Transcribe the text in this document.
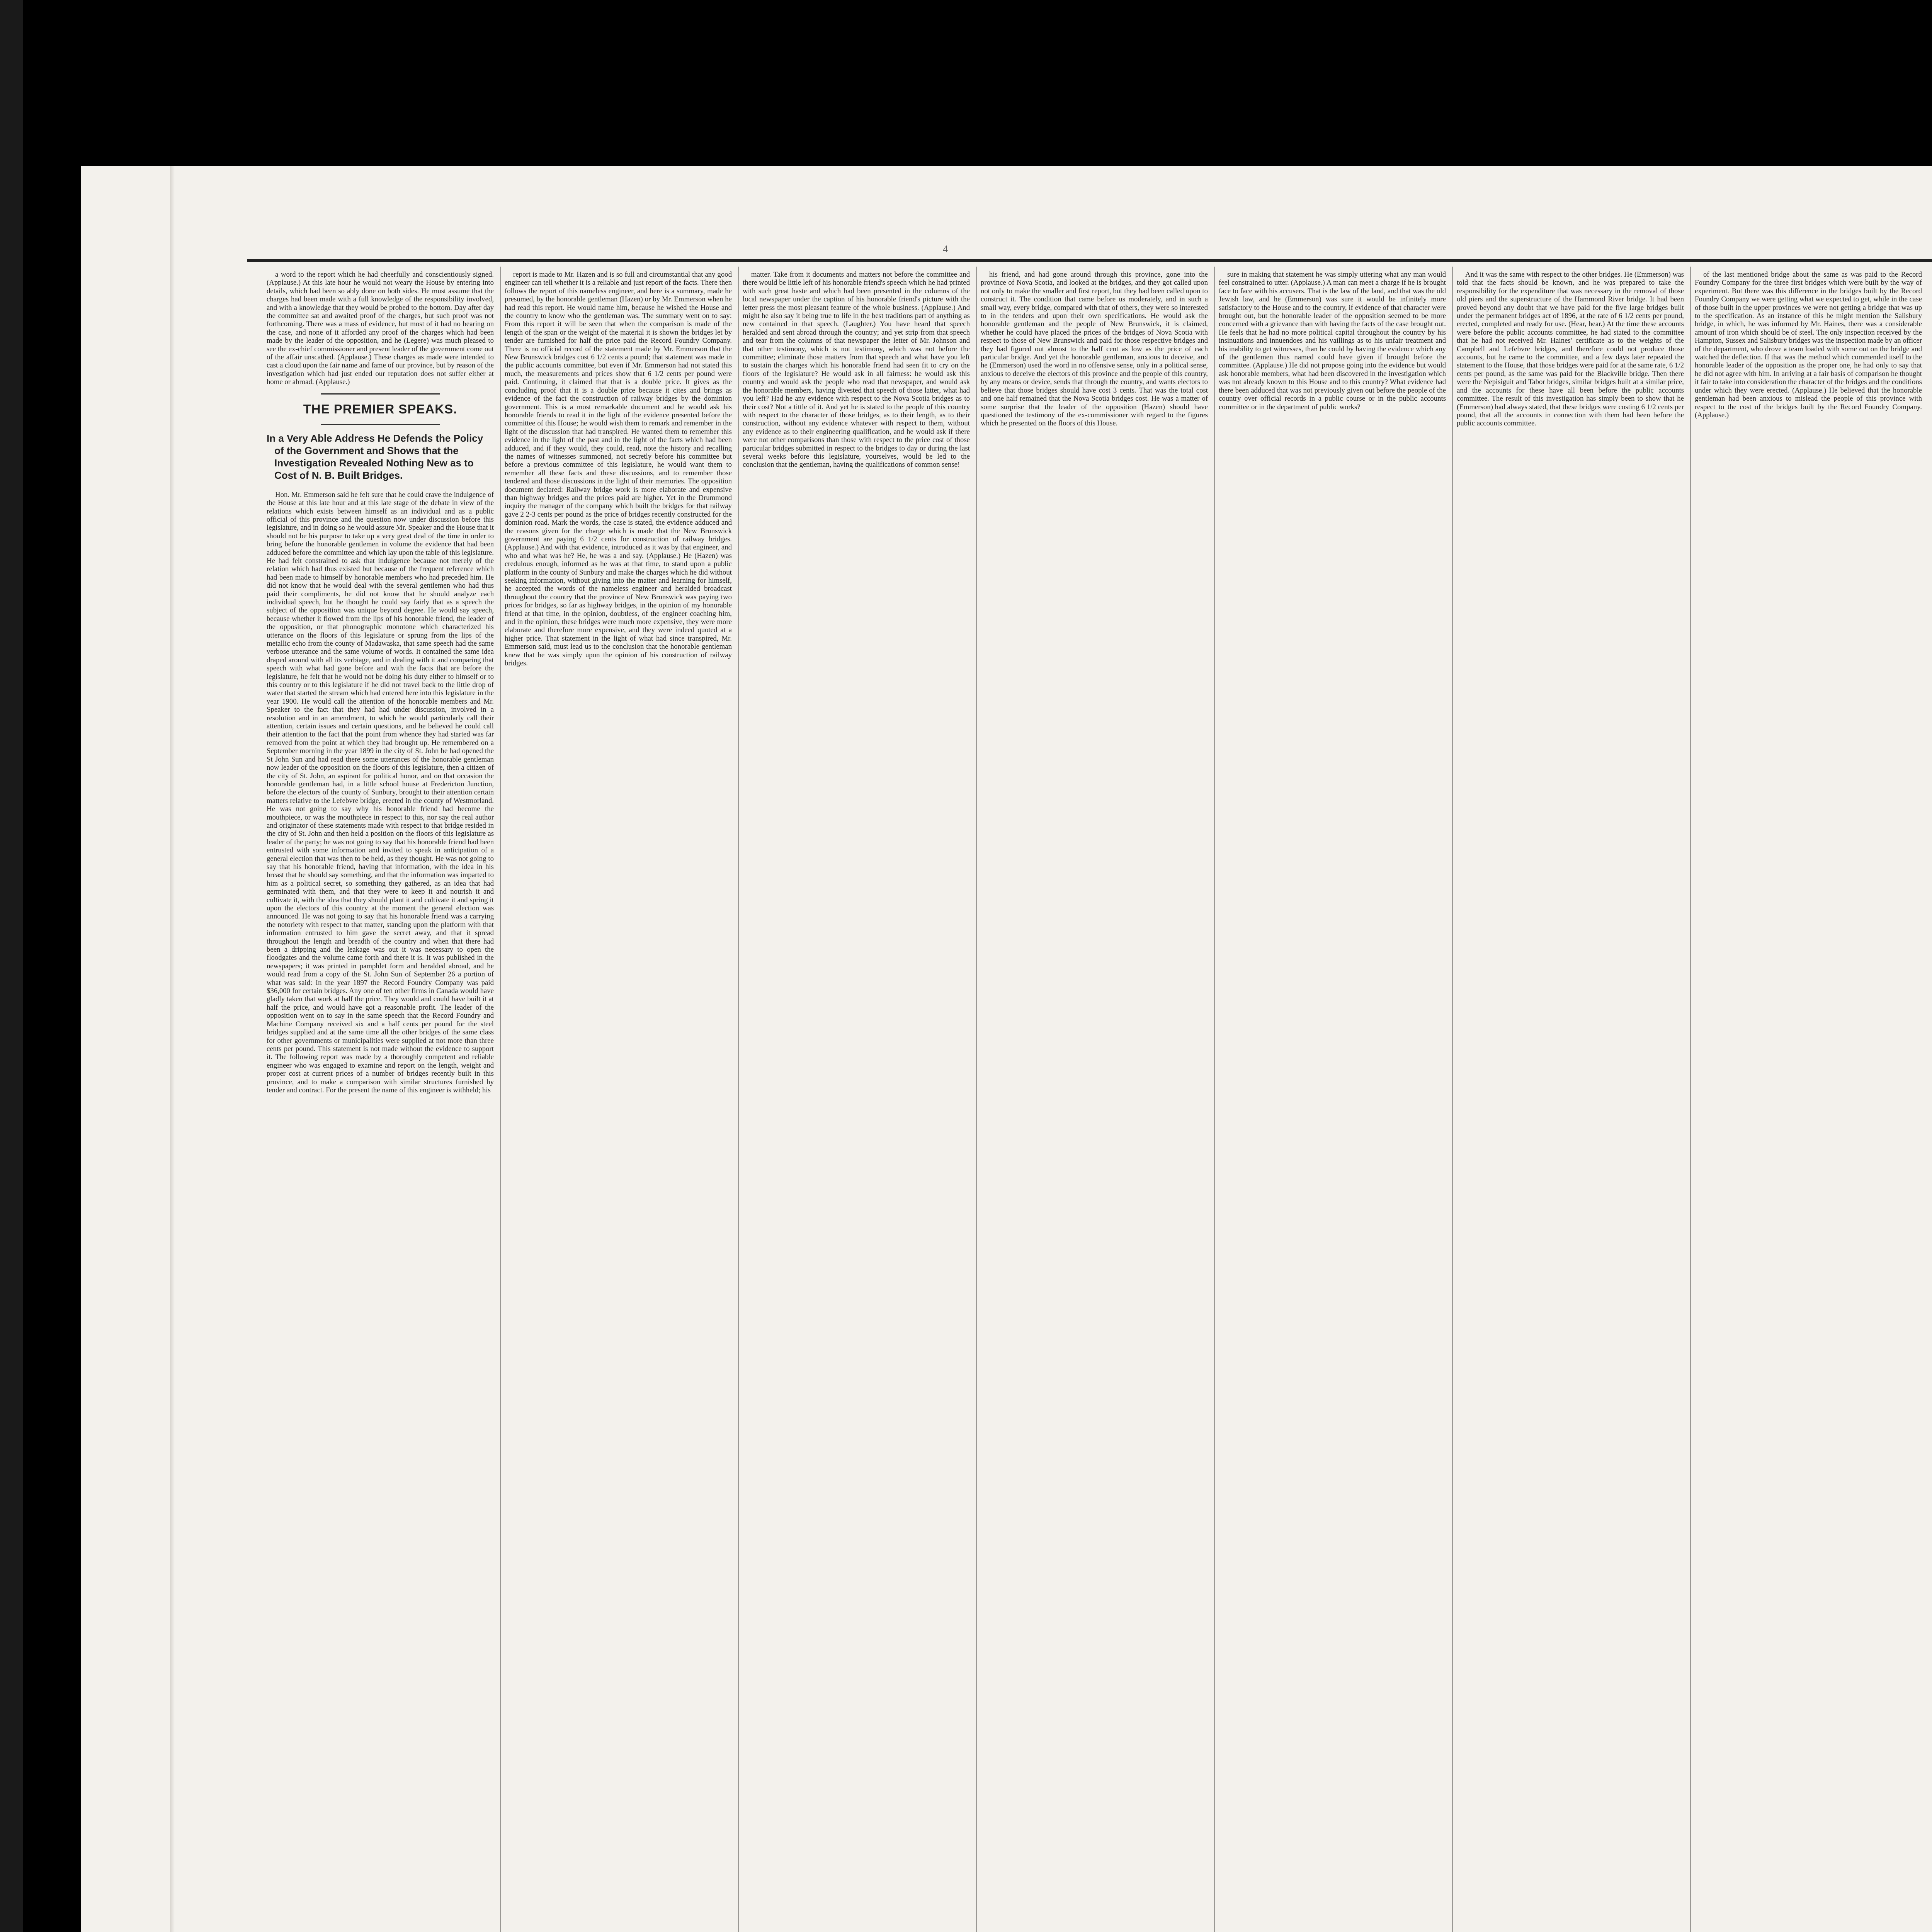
4

a word to the report which he had cheerfully and conscientiously signed. (Applause.) At this late hour he would not weary the House by entering into details, which had been so ably done on both sides. He must assume that the charges had been made with a full knowledge of the responsibility involved, and with a knowledge that they would be probed to the bottom. Day after day the committee sat and awaited proof of the charges, but such proof was not forthcoming. There was a mass of evidence, but most of it had no bearing on the case, and none of it afforded any proof of the charges which had been made by the leader of the opposition, and he (Legere) was much pleased to see the ex-chief commissioner and present leader of the government come out of the affair unscathed. (Applause.) These charges as made were intended to cast a cloud upon the fair name and fame of our province, but by reason of the investigation which had just ended our reputation does not suffer either at home or abroad. (Applause.)

THE PREMIER SPEAKS.
In a Very Able Address He Defends the Policy of the Government and Shows that the Investigation Revealed Nothing New as to Cost of N. B. Built Bridges.

Hon. Mr. Emmerson said he felt sure that he could crave the indulgence of the House at this late hour and at this late stage of the debate in view of the relations which exists between himself as an individual and as a public official of this province and the question now under discussion before this legislature, and in doing so he would assure Mr. Speaker and the House that it should not be his purpose to take up a very great deal of the time in order to bring before the honorable gentlemen in volume the evidence that had been adduced before the committee and which lay upon the table of this legislature. He had felt constrained to ask that indulgence because not merely of the relation which had thus existed but because of the frequent reference which had been made to himself by honorable members who had preceded him. He did not know that he would deal with the several gentlemen who had thus paid their compliments, he did not know that he should analyze each individual speech, but he thought he could say fairly that as a speech the subject of the opposition was unique beyond degree. He would say speech, because whether it flowed from the lips of his honorable friend, the leader of the opposition, or that phonographic monotone which characterized his utterance on the floors of this legislature or sprung from the lips of the metallic echo from the county of Madawaska, that same speech had the same verbose utterance and the same volume of words. It contained the same idea draped around with all its verbiage, and in dealing with it and comparing that speech with what had gone before and with the facts that are before the legislature, he felt that he would not be doing his duty either to himself or to this country or to this legislature if he did not travel back to the little drop of water that started the stream which had entered here into this legislature in the year 1900. He would call the attention of the honorable members and Mr. Speaker to the fact that they had had under discussion, involved in a resolution and in an amendment, to which he would particularly call their attention, certain issues and certain questions, and he believed he could call their attention to the fact that the point from whence they had started was far removed from the point at which they had brought up. He remembered on a September morning in the year 1899 in the city of St. John he had opened the St John Sun and had read there some utterances of the honorable gentleman now leader of the opposition on the floors of this legislature, then a citizen of the city of St. John, an aspirant for political honor, and on that occasion the honorable gentleman had, in a little school house at Fredericton Junction, before the electors of the county of Sunbury, brought to their attention certain matters relative to the Lefebvre bridge, erected in the county of Westmorland. He was not going to say why his honorable friend had become the mouthpiece, or was the mouthpiece in respect to this, nor say the real author and originator of these statements made with respect to that bridge resided in the city of St. John and then held a position on the floors of this legislature as leader of the party; he was not going to say that his honorable friend had been entrusted with some information and invited to speak in anticipation of a general election that was then to be held, as they thought. He was not going to say that his honorable friend, having that information, with the idea in his breast that he should say something, and that the information was imparted to him as a political secret, so something they gathered, as an idea that had germinated with them, and that they were to keep it and nourish it and cultivate it, with the idea that they should plant it and cultivate it and spring it upon the electors of this country at the moment the general election was announced. He was not going to say that his honorable friend was a carrying the notoriety with respect to that matter, standing upon the platform with that information entrusted to him gave the secret away, and that it spread throughout the length and breadth of the country and when that there had been a dripping and the leakage was out it was necessary to open the floodgates and the volume came forth and there it is. It was published in the newspapers; it was printed in pamphlet form and heralded abroad, and he would read from a copy of the St. John Sun of September 26 a portion of what was said: In the year 1897 the Record Foundry Company was paid $36,000 for certain bridges. Any one of ten other firms in Canada would have gladly taken that work at half the price. They would and could have built it at half the price, and would have got a reasonable profit. The leader of the opposition went on to say in the same speech that the Record Foundry and Machine Company received six and a half cents per pound for the steel bridges supplied and at the same time all the other bridges of the same class for other governments or municipalities were supplied at not more than three cents per pound. This statement is not made without the evidence to support it. The following report was made by a thoroughly competent and reliable engineer who was engaged to examine and report on the length, weight and proper cost at current prices of a number of bridges recently built in this province, and to make a comparison with similar structures furnished by tender and contract. For the present the name of this engineer is withheld; his

report is made to Mr. Hazen and is so full and circumstantial that any good engineer can tell whether it is a reliable and just report of the facts. There then follows the report of this nameless engineer, and here is a summary, made he presumed, by the honorable gentleman (Hazen) or by Mr. Emmerson when he had read this report. He would name him, because he wished the House and the country to know who the gentleman was. The summary went on to say: From this report it will be seen that when the comparison is made of the length of the span or the weight of the material it is shown the bridges let by tender are furnished for half the price paid the Record Foundry Company. There is no official record of the statement made by Mr. Emmerson that the New Brunswick bridges cost 6 1/2 cents a pound; that statement was made in the public accounts committee, but even if Mr. Emmerson had not stated this much, the measurements and prices show that 6 1/2 cents per pound were paid. Continuing, it claimed that that is a double price. It gives as the concluding proof that it is a double price because it cites and brings as evidence of the fact the construction of railway bridges by the dominion government. This is a most remarkable document and he would ask his honorable friends to read it in the light of the evidence presented before the committee of this House; he would wish them to remark and remember in the light of the discussion that had transpired. He wanted them to remember this evidence in the light of the past and in the light of the facts which had been adduced, and if they would, they could, read, note the history and recalling the names of witnesses summoned, not secretly before his committee but before a previous committee of this legislature, he would want them to remember all these facts and these discussions, and to remember those tendered and those discussions in the light of their memories. The opposition document declared: Railway bridge work is more elaborate and expensive than highway bridges and the prices paid are higher. Yet in the Drummond inquiry the manager of the company which built the bridges for that railway gave 2 2-3 cents per pound as the price of bridges recently constructed for the dominion road. Mark the words, the case is stated, the evidence adduced and the reasons given for the charge which is made that the New Brunswick government are paying 6 1/2 cents for construction of railway bridges. (Applause.) And with that evidence, introduced as it was by that engineer, and who and what was he? He, he was a and say. (Applause.) He (Hazen) was credulous enough, informed as he was at that time, to stand upon a public platform in the county of Sunbury and make the charges which he did without seeking information, without giving into the matter and learning for himself, he accepted the words of the nameless engineer and heralded broadcast throughout the country that the province of New Brunswick was paying two prices for bridges, so far as highway bridges, in the opinion of my honorable friend at that time, in the opinion, doubtless, of the engineer coaching him, and in the opinion, these bridges were much more expensive, they were more elaborate and therefore more expensive, and they were indeed quoted at a higher price. That statement in the light of what had since transpired, Mr. Emmerson said, must lead us to the conclusion that the honorable gentleman knew that he was simply upon the opinion of his construction of railway bridges.

matter. Take from it documents and matters not before the committee and there would be little left of his honorable friend's speech which he had printed with such great haste and which had been presented in the columns of the local newspaper under the caption of his honorable friend's picture with the letter press the most pleasant feature of the whole business. (Applause.) And might he also say it being true to life in the best traditions part of anything as new contained in that speech. (Laughter.) You have heard that speech heralded and sent abroad through the country; and yet strip from that speech and tear from the columns of that newspaper the letter of Mr. Johnson and that other testimony, which is not testimony, which was not before the committee; eliminate those matters from that speech and what have you left to sustain the charges which his honorable friend had seen fit to cry on the floors of the legislature? He would ask in all fairness: he would ask this country and would ask the people who read that newspaper, and would ask the honorable members, having divested that speech of those latter, what had you left? Had he any evidence with respect to the Nova Scotia bridges as to their cost? Not a tittle of it. And yet he is stated to the people of this country with respect to the character of those bridges, as to their length, as to their construction, without any evidence whatever with respect to them, without any evidence as to their engineering qualification, and he would ask if there were not other comparisons than those with respect to the price cost of those particular bridges submitted in respect to the bridges to day or during the last several weeks before this legislature, yourselves, would be led to the conclusion that the gentleman, having the qualifications of common sense!

his friend, and had gone around through this province, gone into the province of Nova Scotia, and looked at the bridges, and they got called upon not only to make the smaller and first report, but they had been called upon to construct it. The condition that came before us moderately, and in such a small way, every bridge, compared with that of others, they were so interested to in the tenders and upon their own specifications. He would ask the honorable gentleman and the people of New Brunswick, it is claimed, whether he could have placed the prices of the bridges of Nova Scotia with respect to those of New Brunswick and paid for those respective bridges and they had figured out almost to the half cent as low as the price of each particular bridge. And yet the honorable gentleman, anxious to deceive, and he (Emmerson) used the word in no offensive sense, only in a political sense, anxious to deceive the electors of this province and the people of this country, by any means or device, sends that through the country, and wants electors to believe that those bridges should have cost 3 cents. That was the total cost and one half remained that the Nova Scotia bridges cost. He was a matter of some surprise that the leader of the opposition (Hazen) should have questioned the testimony of the ex-commissioner with regard to the figures which he presented on the floors of this House.

sure in making that statement he was simply uttering what any man would feel constrained to utter. (Applause.) A man can meet a charge if he is brought face to face with his accusers. That is the law of the land, and that was the old Jewish law, and he (Emmerson) was sure it would be infinitely more satisfactory to the House and to the country, if evidence of that character were brought out, but the honorable leader of the opposition seemed to be more concerned with a grievance than with having the facts of the case brought out. He feels that he had no more political capital throughout the country by his insinuations and innuendoes and his vaillings as to his unfair treatment and his inability to get witnesses, than he could by having the evidence which any of the gentlemen thus named could have given if brought before the committee. (Applause.) He did not propose going into the evidence but would ask honorable members, what had been discovered in the investigation which was not already known to this House and to this country? What evidence had there been adduced that was not previously given out before the people of the country over official records in a public course or in the public accounts committee or in the department of public works?

And it was the same with respect to the other bridges. He (Emmerson) was told that the facts should be known, and he was prepared to take the responsibility for the expenditure that was necessary in the removal of those old piers and the superstructure of the Hammond River bridge. It had been proved beyond any doubt that we have paid for the five large bridges built under the permanent bridges act of 1896, at the rate of 6 1/2 cents per pound, erected, completed and ready for use. (Hear, hear.) At the time these accounts were before the public accounts committee, he had stated to the committee that he had not received Mr. Haines' certificate as to the weights of the Campbell and Lefebvre bridges, and therefore could not produce those accounts, but he came to the committee, and a few days later repeated the statement to the House, that those bridges were paid for at the same rate, 6 1/2 cents per pound, as the same was paid for the Blackville bridge. Then there were the Nepisiguit and Tabor bridges, similar bridges built at a similar price, and the accounts for these have all been before the public accounts committee. The result of this investigation has simply been to show that he (Emmerson) had always stated, that these bridges were costing 6 1/2 cents per pound, that all the accounts in connection with them had been before the public accounts committee.

of the last mentioned bridge about the same as was paid to the Record Foundry Company for the three first bridges which were built by the way of experiment. But there was this difference in the bridges built by the Record Foundry Company we were getting what we expected to get, while in the case of those built in the upper provinces we were not getting a bridge that was up to the specification. As an instance of this he might mention the Salisbury bridge, in which, he was informed by Mr. Haines, there was a considerable amount of iron which should be of steel. The only inspection received by the Hampton, Sussex and Salisbury bridges was the inspection made by an officer of the department, who drove a team loaded with some out on the bridge and watched the deflection. If that was the method which commended itself to the honorable leader of the opposition as the proper one, he had only to say that he did not agree with him. In arriving at a fair basis of comparison he thought it fair to take into consideration the character of the bridges and the conditions under which they were erected. (Applause.) He believed that the honorable gentleman had been anxious to mislead the people of this province with respect to the cost of the bridges built by the Record Foundry Company. (Applause.)
